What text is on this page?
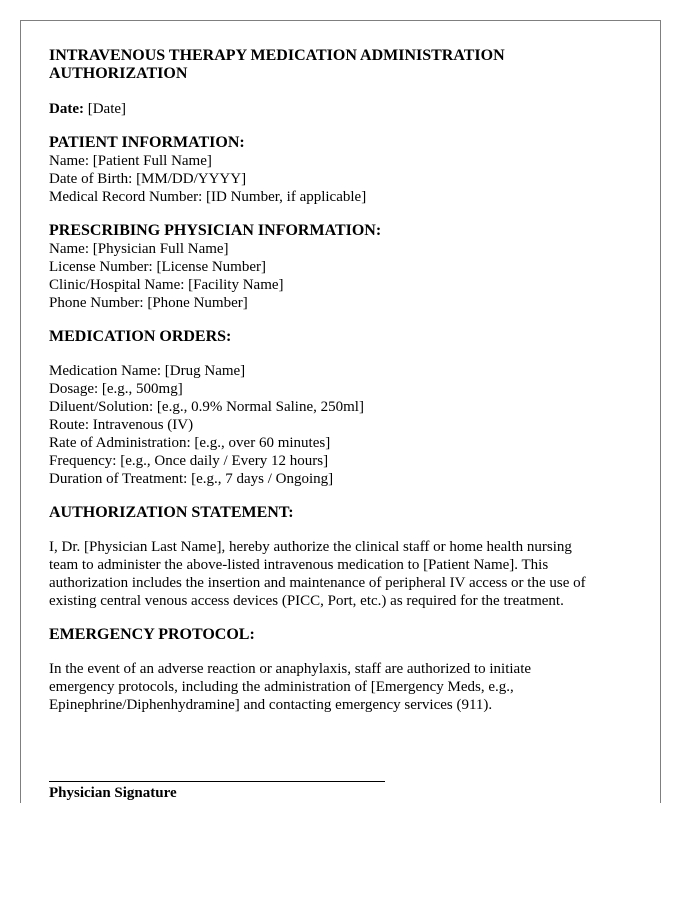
INTRAVENOUS THERAPY MEDICATION ADMINISTRATION
AUTHORIZATION
Date: [Date]
PATIENT INFORMATION:
Name: [Patient Full Name]
Date of Birth: [MM/DD/YYYY]
Medical Record Number: [ID Number, if applicable]
PRESCRIBING PHYSICIAN INFORMATION:
Name: [Physician Full Name]
License Number: [License Number]
Clinic/Hospital Name: [Facility Name]
Phone Number: [Phone Number]
MEDICATION ORDERS:
Medication Name: [Drug Name]
Dosage: [e.g., 500mg]
Diluent/Solution: [e.g., 0.9% Normal Saline, 250ml]
Route: Intravenous (IV)
Rate of Administration: [e.g., over 60 minutes]
Frequency: [e.g., Once daily / Every 12 hours]
Duration of Treatment: [e.g., 7 days / Ongoing]
AUTHORIZATION STATEMENT:
I, Dr. [Physician Last Name], hereby authorize the clinical staff or home health nursing
team to administer the above-listed intravenous medication to [Patient Name]. This
authorization includes the insertion and maintenance of peripheral IV access or the use of
existing central venous access devices (PICC, Port, etc.) as required for the treatment.
EMERGENCY PROTOCOL:
In the event of an adverse reaction or anaphylaxis, staff are authorized to initiate
emergency protocols, including the administration of [Emergency Meds, e.g.,
Epinephrine/Diphenhydramine] and contacting emergency services (911).
Physician Signature
